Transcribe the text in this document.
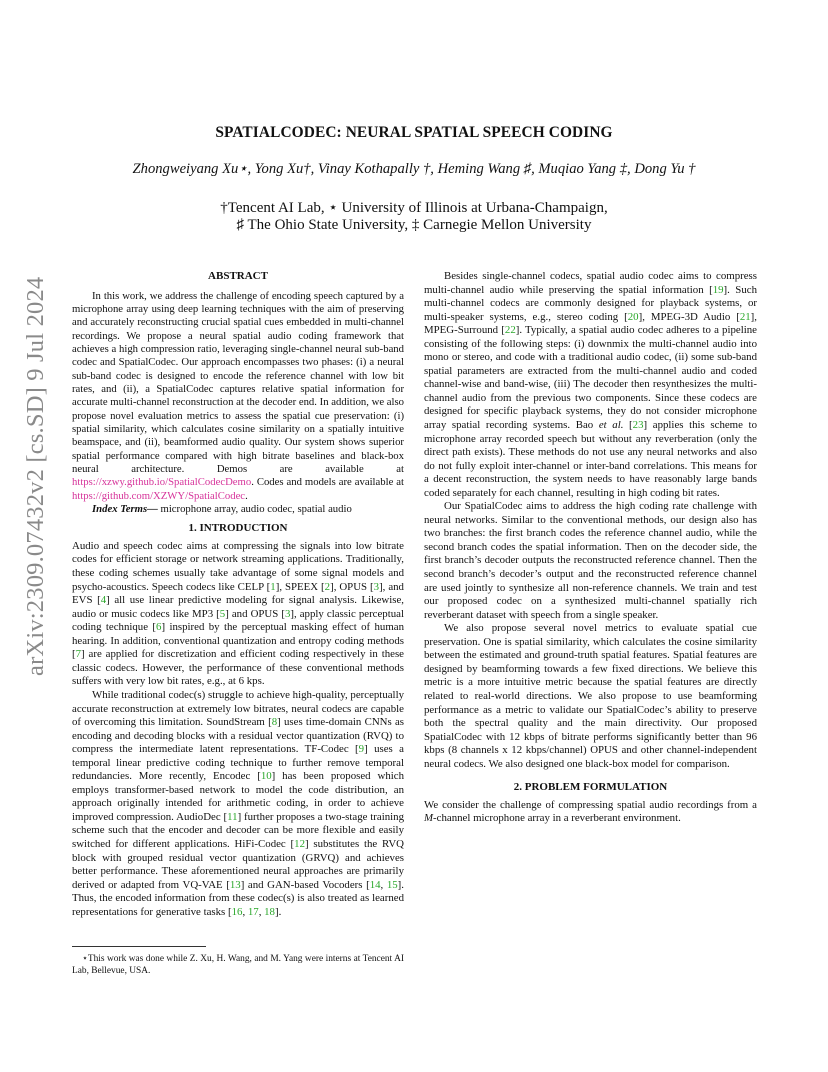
arXiv:2309.07432v2 [cs.SD] 9 Jul 2024
SPATIALCODEC: NEURAL SPATIAL SPEECH CODING
Zhongweiyang Xu⋆, Yong Xu†, Vinay Kothapally †, Heming Wang ♯, Muqiao Yang ‡, Dong Yu †
†Tencent AI Lab, ⋆ University of Illinois at Urbana-Champaign,
♯ The Ohio State University, ‡ Carnegie Mellon University
ABSTRACT

In this work, we address the challenge of encoding speech captured by a microphone array using deep learning techniques with the aim of preserving and accurately reconstructing crucial spatial cues embedded in multi-channel recordings. We propose a neural spatial audio coding framework that achieves a high compression ratio, leveraging single-channel neural sub-band codec and SpatialCodec. Our approach encompasses two phases: (i) a neural sub-band codec is designed to encode the reference channel with low bit rates, and (ii), a SpatialCodec captures relative spatial information for accurate multi-channel reconstruction at the decoder end. In addition, we also propose novel evaluation metrics to assess the spatial cue preservation: (i) spatial similarity, which calculates cosine similarity on a spatially intuitive beamspace, and (ii), beamformed audio quality. Our system shows superior spatial performance compared with high bitrate baselines and black-box neural architecture. Demos are available at https://xzwy.github.io/SpatialCodecDemo. Codes and models are available at https://github.com/XZWY/SpatialCodec.

Index Terms— microphone array, audio codec, spatial audio

1. INTRODUCTION

Audio and speech codec aims at compressing the signals into low bitrate codes for efficient storage or network streaming applications. Traditionally, these coding schemes usually take advantage of some signal models and psycho-acoustics. Speech codecs like CELP [1], SPEEX [2], OPUS [3], and EVS [4] all use linear predictive modeling for signal analysis. Likewise, audio or music codecs like MP3 [5] and OPUS [3], apply classic perceptual coding technique [6] inspired by the perceptual masking effect of human hearing. In addition, conventional quantization and entropy coding methods [7] are applied for discretization and efficient coding respectively in these classic codecs. However, the performance of these conventional methods suffers with very low bit rates, e.g., at 6 kps.

While traditional codec(s) struggle to achieve high-quality, perceptually accurate reconstruction at extremely low bitrates, neural codecs are capable of overcoming this limitation. SoundStream [8] uses time-domain CNNs as encoding and decoding blocks with a residual vector quantization (RVQ) to compress the intermediate latent representations. TF-Codec [9] uses a temporal linear predictive coding technique to further remove temporal redundancies. More recently, Encodec [10] has been proposed which employs transformer-based network to model the code distribution, an approach originally intended for arithmetic coding, in order to achieve improved compression. AudioDec [11] further proposes a two-stage training scheme such that the encoder and decoder can be more flexible and easily switched for different applications. HiFi-Codec [12] substitutes the RVQ block with grouped residual vector quantization (GRVQ) and achieves better performance. These aforementioned neural approaches are primarily derived or adapted from VQ-VAE [13] and GAN-based Vocoders [14, 15]. Thus, the encoded information from these codec(s) is also treated as learned representations for generative tasks [16, 17, 18].

Besides single-channel codecs, spatial audio codec aims to compress multi-channel audio while preserving the spatial information [19]. Such multi-channel codecs are commonly designed for playback systems, or multi-speaker systems, e.g., stereo coding [20], MPEG-3D Audio [21], MPEG-Surround [22]. Typically, a spatial audio codec adheres to a pipeline consisting of the following steps: (i) downmix the multi-channel audio into mono or stereo, and code with a traditional audio codec, (ii) some sub-band spatial parameters are extracted from the multi-channel audio and coded channel-wise and band-wise, (iii) The decoder then resynthesizes the multi-channel audio from the previous two components. Since these codecs are designed for specific playback systems, they do not consider microphone array spatial recording systems. Bao et al. [23] applies this scheme to microphone array recorded speech but without any reverberation (only the direct path exists). These methods do not use any neural networks and also do not fully exploit inter-channel or inter-band correlations. This means for a decent reconstruction, the system needs to have reasonably large bands coded separately for each channel, resulting in high coding bit rates.

Our SpatialCodec aims to address the high coding rate challenge with neural networks. Similar to the conventional methods, our design also has two branches: the first branch codes the reference channel audio, while the second branch codes the spatial information. Then on the decoder side, the first branch’s decoder outputs the reconstructed reference channel. Then the second branch’s decoder’s output and the reconstructed reference channel are used jointly to synthesize all non-reference channels. We train and test our proposed codec on a synthesized multi-channel spatially rich reverberant dataset with speech from a single speaker.

We also propose several novel metrics to evaluate spatial cue preservation. One is spatial similarity, which calculates the cosine similarity between the estimated and ground-truth spatial features. Spatial features are designed by beamforming towards a few fixed directions. We believe this metric is a more intuitive metric because the spatial features are directly related to real-world directions. We also propose to use beamforming performance as a metric to validate our SpatialCodec’s ability to preserve both the spectral quality and the main directivity. Our proposed SpatialCodec with 12 kbps of bitrate performs significantly better than 96 kbps (8 channels x 12 kbps/channel) OPUS and other channel-independent neural codecs. We also designed one black-box model for comparison.

2. PROBLEM FORMULATION

We consider the challenge of compressing spatial audio recordings from a M-channel microphone array in a reverberant environment.

⋆This work was done while Z. Xu, H. Wang, and M. Yang were interns at Tencent AI Lab, Bellevue, USA.
